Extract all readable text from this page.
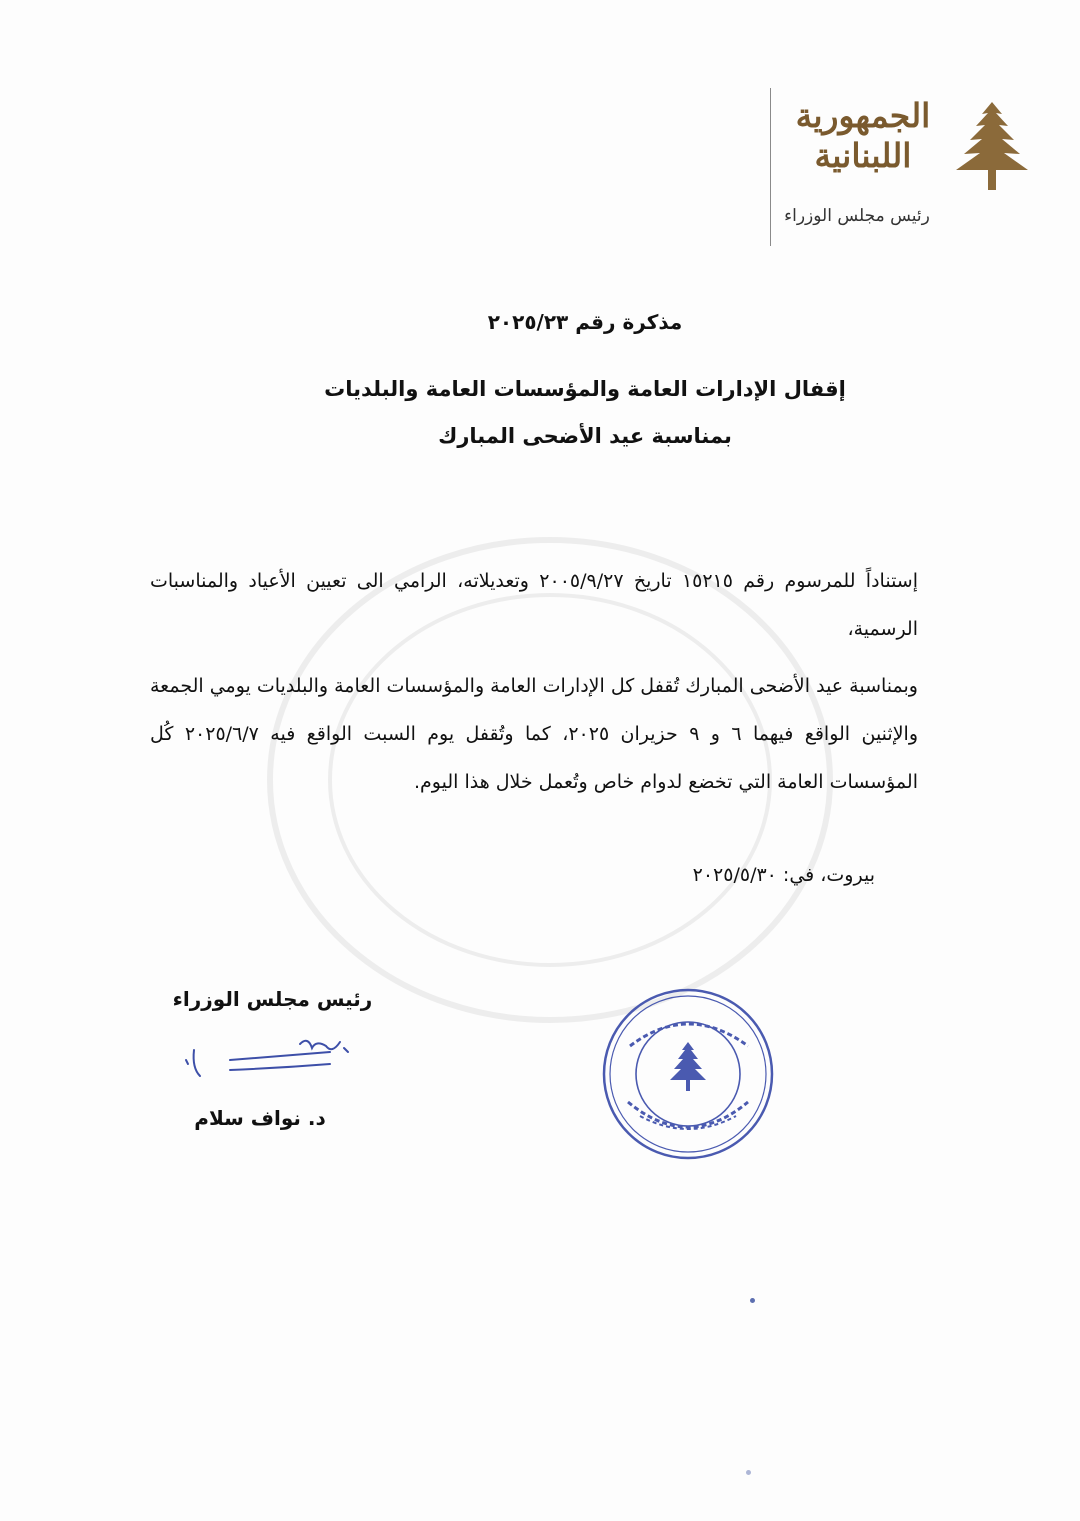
الجمهورية
اللبنانية
رئيس مجلس الوزراء
مذكرة رقم ٢٠٢٥/٢٣
إقفال الإدارات العامة والمؤسسات العامة والبلديات
بمناسبة عيد الأضحى المبارك
إستناداً للمرسوم رقم ١٥٢١٥ تاريخ ٢٠٠٥/٩/٢٧ وتعديلاته، الرامي الى تعيين الأعياد والمناسبات الرسمية،
وبمناسبة عيد الأضحى المبارك تُقفل كل الإدارات العامة والمؤسسات العامة والبلديات يومي الجمعة والإثنين الواقع فيهما ٦ و ٩ حزيران ٢٠٢٥، كما وتُقفل يوم السبت الواقع فيه ٢٠٢٥/٦/٧ كُل المؤسسات العامة التي تخضع لدوام خاص وتُعمل خلال هذا اليوم.
بيروت، في: ٢٠٢٥/٥/٣٠
رئيس مجلس الوزراء
د. نواف سلام
